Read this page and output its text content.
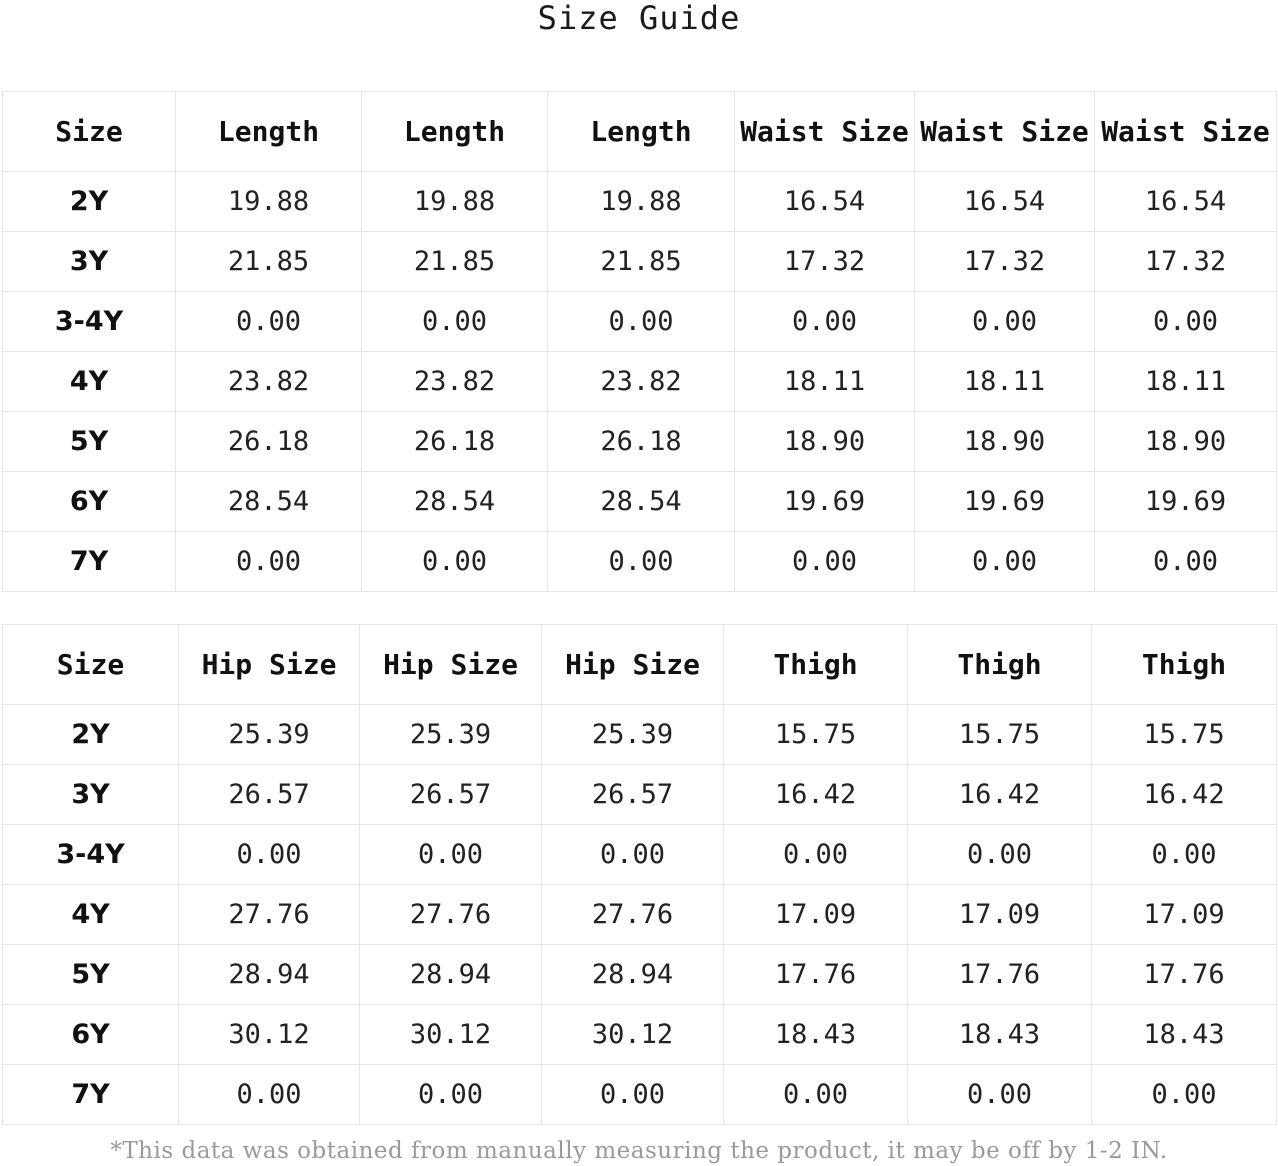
Size Guide
Size	Length	Length	Length	Waist Size	Waist Size	Waist Size
2Y	19.88	19.88	19.88	16.54	16.54	16.54
3Y	21.85	21.85	21.85	17.32	17.32	17.32
3-4Y	0.00	0.00	0.00	0.00	0.00	0.00
4Y	23.82	23.82	23.82	18.11	18.11	18.11
5Y	26.18	26.18	26.18	18.90	18.90	18.90
6Y	28.54	28.54	28.54	19.69	19.69	19.69
7Y	0.00	0.00	0.00	0.00	0.00	0.00
Size	Hip Size	Hip Size	Hip Size	Thigh	Thigh	Thigh
2Y	25.39	25.39	25.39	15.75	15.75	15.75
3Y	26.57	26.57	26.57	16.42	16.42	16.42
3-4Y	0.00	0.00	0.00	0.00	0.00	0.00
4Y	27.76	27.76	27.76	17.09	17.09	17.09
5Y	28.94	28.94	28.94	17.76	17.76	17.76
6Y	30.12	30.12	30.12	18.43	18.43	18.43
7Y	0.00	0.00	0.00	0.00	0.00	0.00
*This data was obtained from manually measuring the product, it may be off by 1-2 IN.
